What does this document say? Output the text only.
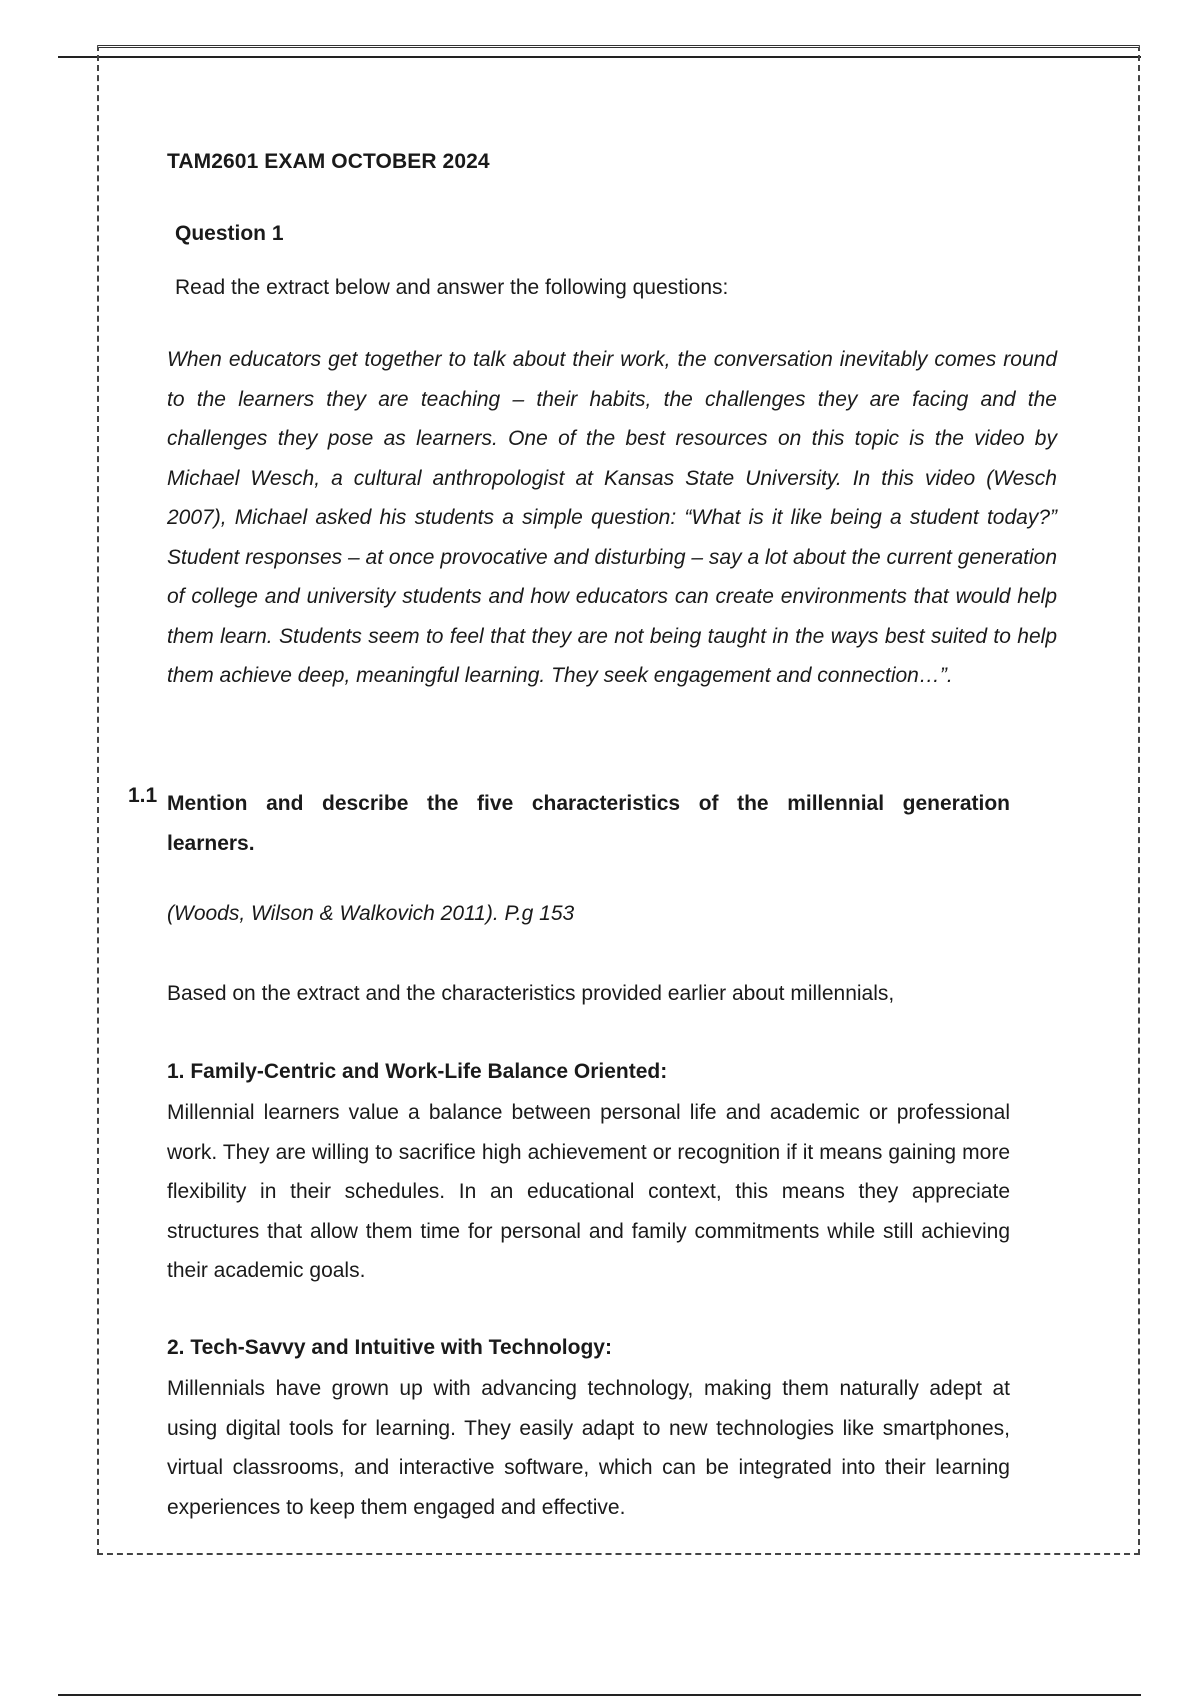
TAM2601 EXAM OCTOBER 2024
Question 1
Read the extract below and answer the following questions:

When educators get together to talk about their work, the conversation inevitably comes round to the learners they are teaching – their habits, the challenges they are facing and the challenges they pose as learners. One of the best resources on this topic is the video by Michael Wesch, a cultural anthropologist at Kansas State University. In this video (Wesch 2007), Michael asked his students a simple question: “What is it like being a student today?” Student responses – at once provocative and disturbing – say a lot about the current generation of college and university students and how educators can create environments that would help them learn. Students seem to feel that they are not being taught in the ways best suited to help them achieve deep, meaningful learning. They seek engagement and connection…”.

1.1 Mention and describe the five characteristics of the millennial generation learners.

(Woods, Wilson & Walkovich 2011). P.g 153
Based on the extract and the characteristics provided earlier about millennials,
1. Family-Centric and Work-Life Balance Oriented:

Millennial learners value a balance between personal life and academic or professional work. They are willing to sacrifice high achievement or recognition if it means gaining more flexibility in their schedules. In an educational context, this means they appreciate structures that allow them time for personal and family commitments while still achieving their academic goals.

2. Tech-Savvy and Intuitive with Technology:

Millennials have grown up with advancing technology, making them naturally adept at using digital tools for learning. They easily adapt to new technologies like smartphones, virtual classrooms, and interactive software, which can be integrated into their learning experiences to keep them engaged and effective.
